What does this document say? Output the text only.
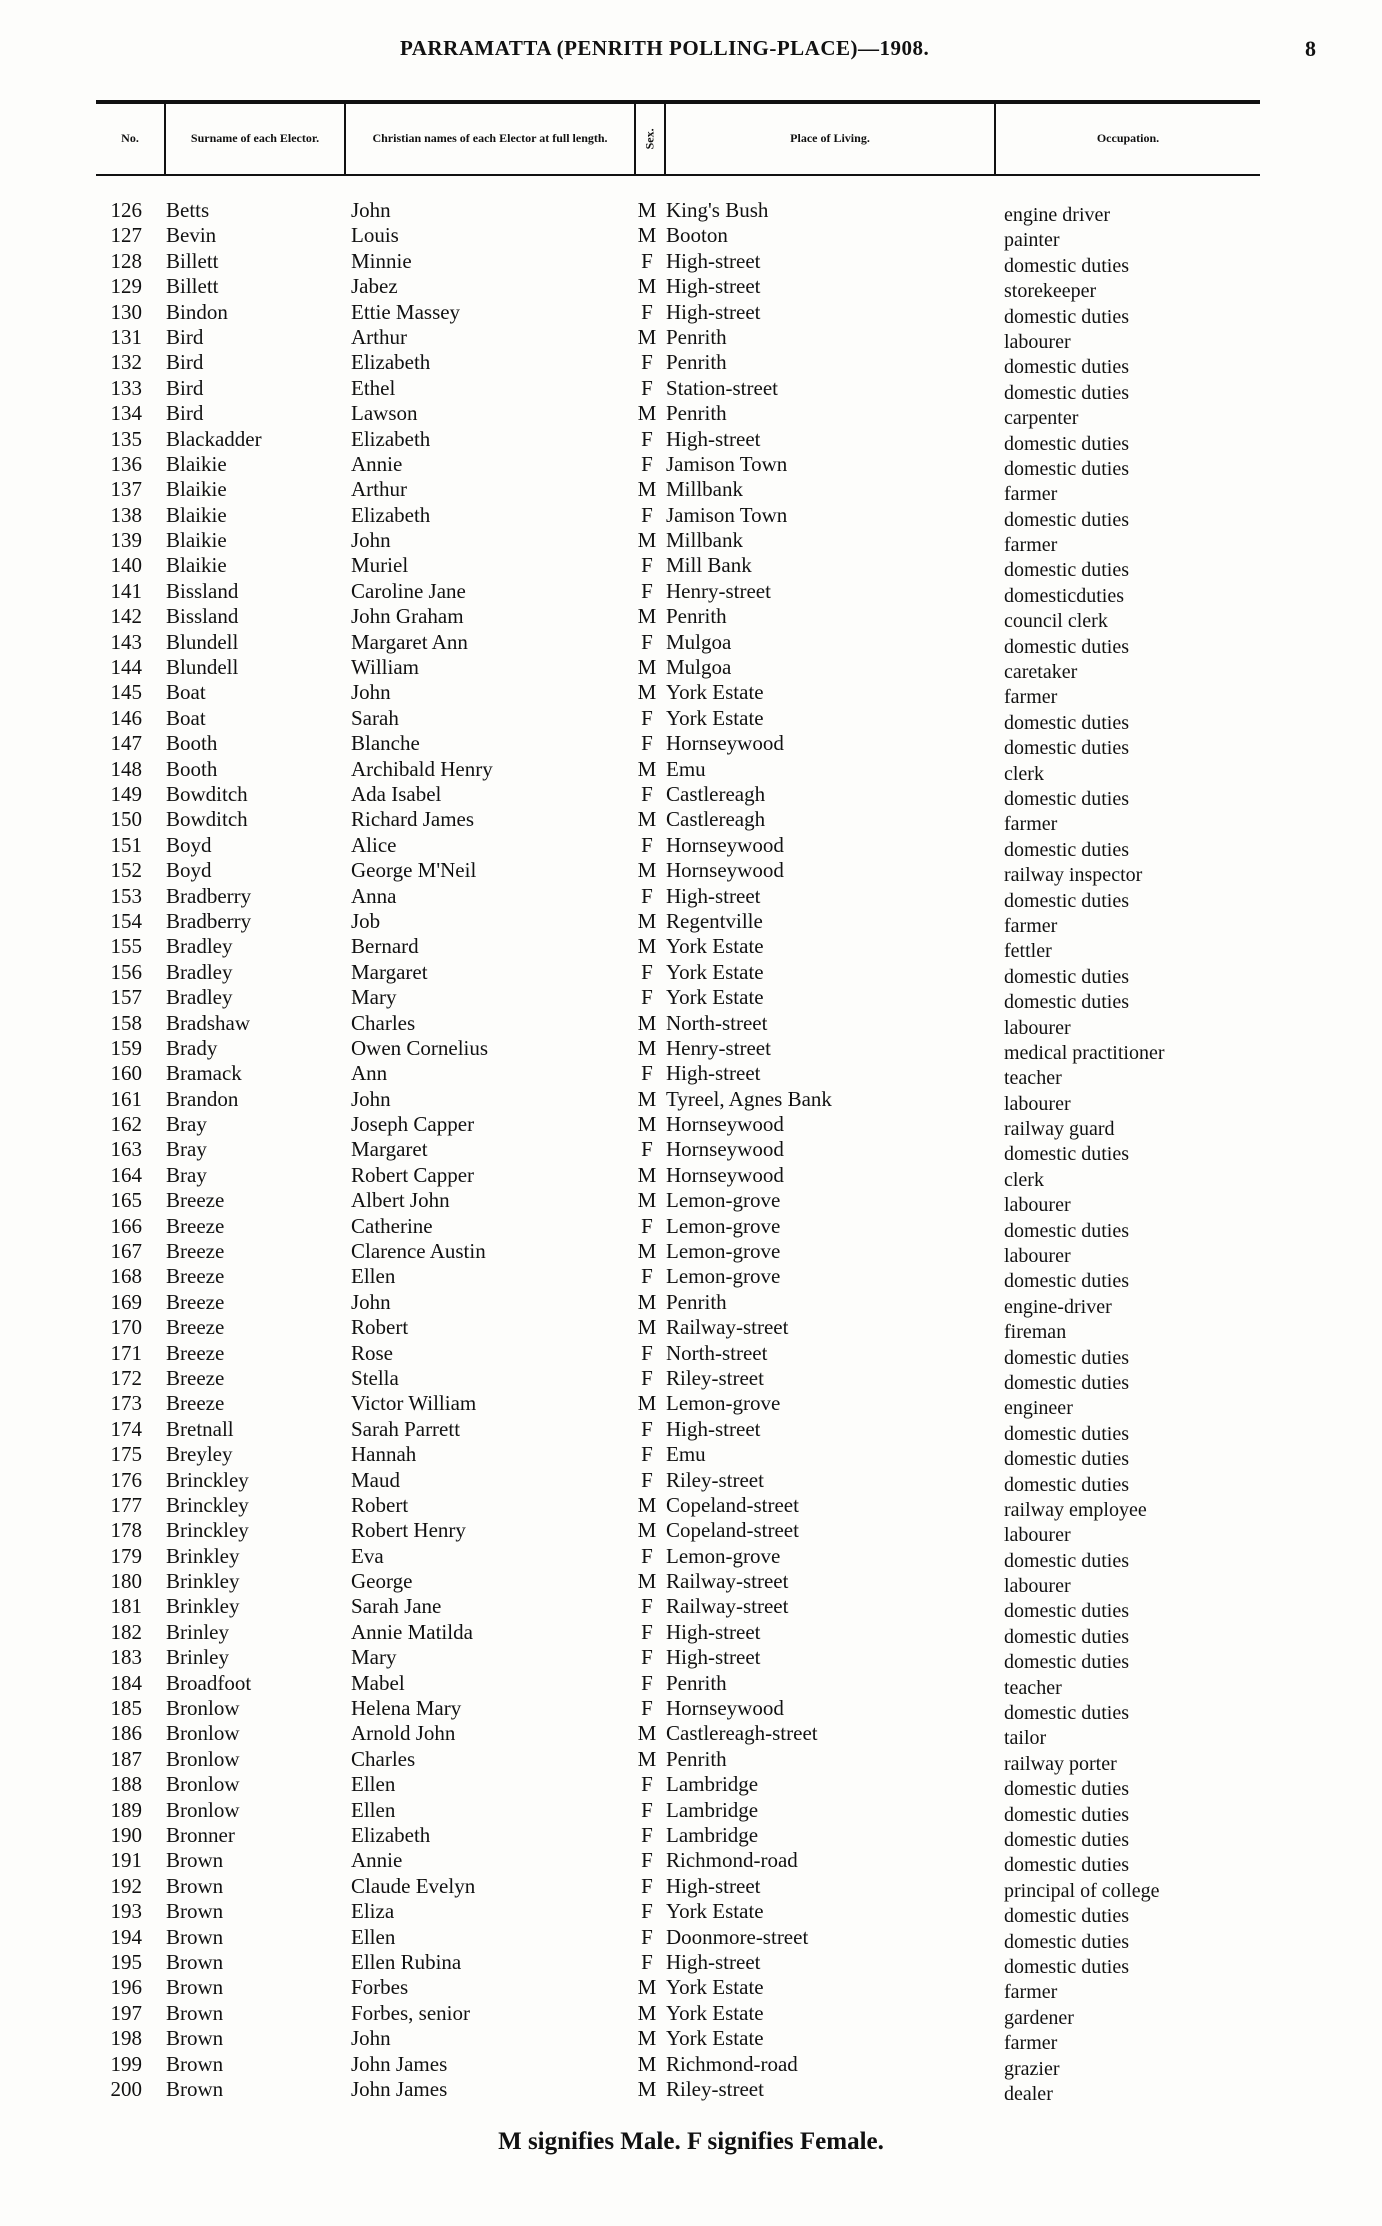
PARRAMATTA (PENRITH POLLING-PLACE)—1908.	8
No.	Surname of each Elector.	Christian names of each Elector at full length.	Sex.	Place of Living.	Occupation.
126 Betts	John	M King's Bush	engine driver
127 Bevin	Louis	M Booton	painter
128 Billett	Minnie	F High-street	domestic duties
129 Billett	Jabez	M High-street	storekeeper
130 Bindon	Ettie Massey	F High-street	domestic duties
131 Bird	Arthur	M Penrith	labourer
132 Bird	Elizabeth	F Penrith	domestic duties
133 Bird	Ethel	F Station-street	domestic duties
134 Bird	Lawson	M Penrith	carpenter
135 Blackadder	Elizabeth	F High-street	domestic duties
136 Blaikie	Annie	F Jamison Town	domestic duties
137 Blaikie	Arthur	M Millbank	farmer
138 Blaikie	Elizabeth	F Jamison Town	domestic duties
139 Blaikie	John	M Millbank	farmer
140 Blaikie	Muriel	F Mill Bank	domestic duties
141 Bissland	Caroline Jane	F Henry-street	domesticduties
142 Bissland	John Graham	M Penrith	council clerk
143 Blundell	Margaret Ann	F Mulgoa	domestic duties
144 Blundell	William	M Mulgoa	caretaker
145 Boat	John	M York Estate	farmer
146 Boat	Sarah	F York Estate	domestic duties
147 Booth	Blanche	F Hornseywood	domestic duties
148 Booth	Archibald Henry	M Emu	clerk
149 Bowditch	Ada Isabel	F Castlereagh	domestic duties
150 Bowditch	Richard James	M Castlereagh	farmer
151 Boyd	Alice	F Hornseywood	domestic duties
152 Boyd	George M'Neil	M Hornseywood	railway inspector
153 Bradberry	Anna	F High-street	domestic duties
154 Bradberry	Job	M Regentville	farmer
155 Bradley	Bernard	M York Estate	fettler
156 Bradley	Margaret	F York Estate	domestic duties
157 Bradley	Mary	F York Estate	domestic duties
158 Bradshaw	Charles	M North-street	labourer
159 Brady	Owen Cornelius	M Henry-street	medical practitioner
160 Bramack	Ann	F High-street	teacher
161 Brandon	John	M Tyreel, Agnes Bank	labourer
162 Bray	Joseph Capper	M Hornseywood	railway guard
163 Bray	Margaret	F Hornseywood	domestic duties
164 Bray	Robert Capper	M Hornseywood	clerk
165 Breeze	Albert John	M Lemon-grove	labourer
166 Breeze	Catherine	F Lemon-grove	domestic duties
167 Breeze	Clarence Austin	M Lemon-grove	labourer
168 Breeze	Ellen	F Lemon-grove	domestic duties
169 Breeze	John	M Penrith	engine-driver
170 Breeze	Robert	M Railway-street	fireman
171 Breeze	Rose	F North-street	domestic duties
172 Breeze	Stella	F Riley-street	domestic duties
173 Breeze	Victor William	M Lemon-grove	engineer
174 Bretnall	Sarah Parrett	F High-street	domestic duties
175 Breyley	Hannah	F Emu	domestic duties
176 Brinckley	Maud	F Riley-street	domestic duties
177 Brinckley	Robert	M Copeland-street	railway employee
178 Brinckley	Robert Henry	M Copeland-street	labourer
179 Brinkley	Eva	F Lemon-grove	domestic duties
180 Brinkley	George	M Railway-street	labourer
181 Brinkley	Sarah Jane	F Railway-street	domestic duties
182 Brinley	Annie Matilda	F High-street	domestic duties
183 Brinley	Mary	F High-street	domestic duties
184 Broadfoot	Mabel	F Penrith	teacher
185 Bronlow	Helena Mary	F Hornseywood	domestic duties
186 Bronlow	Arnold John	M Castlereagh-street	tailor
187 Bronlow	Charles	M Penrith	railway porter
188 Bronlow	Ellen	F Lambridge	domestic duties
189 Bronlow	Ellen	F Lambridge	domestic duties
190 Bronner	Elizabeth	F Lambridge	domestic duties
191 Brown	Annie	F Richmond-road	domestic duties
192 Brown	Claude Evelyn	F High-street	principal of college
193 Brown	Eliza	F York Estate	domestic duties
194 Brown	Ellen	F Doonmore-street	domestic duties
195 Brown	Ellen Rubina	F High-street	domestic duties
196 Brown	Forbes	M York Estate	farmer
197 Brown	Forbes, senior	M York Estate	gardener
198 Brown	John	M York Estate	farmer
199 Brown	John James	M Richmond-road	grazier
200 Brown	John James	M Riley-street	dealer
M signifies Male. F signifies Female.
